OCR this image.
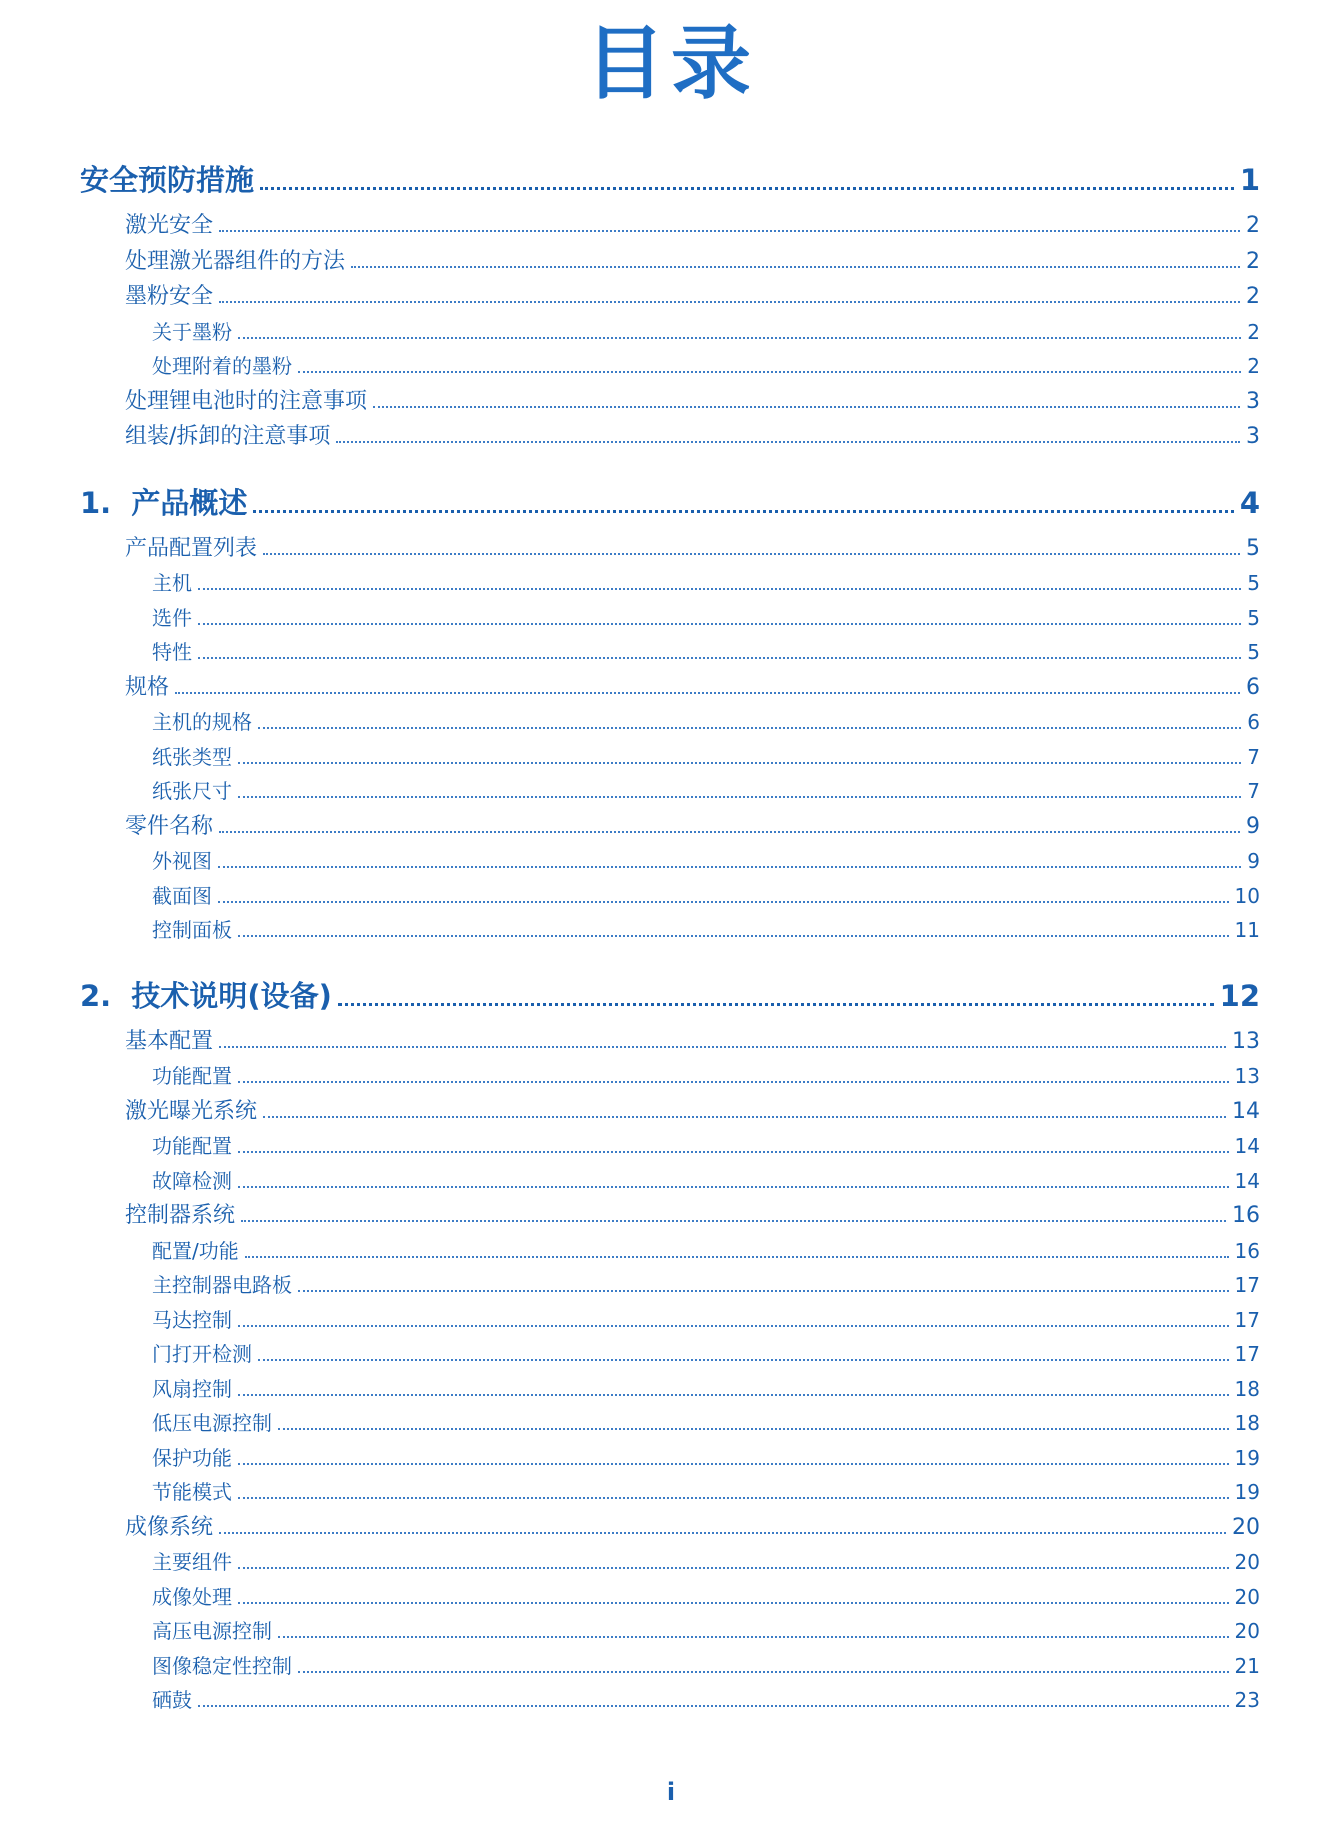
目录
安全预防措施	1
激光安全	2
处理激光器组件的方法	2
墨粉安全	2
关于墨粉	2
处理附着的墨粉	2
处理锂电池时的注意事项	3
组装/拆卸的注意事项	3
1.  产品概述	4
产品配置列表	5
主机	5
选件	5
特性	5
规格	6
主机的规格	6
纸张类型	7
纸张尺寸	7
零件名称	9
外视图	9
截面图	10
控制面板	11
2.  技术说明(设备)	12
基本配置	13
功能配置	13
激光曝光系统	14
功能配置	14
故障检测	14
控制器系统	16
配置/功能	16
主控制器电路板	17
马达控制	17
门打开检测	17
风扇控制	18
低压电源控制	18
保护功能	19
节能模式	19
成像系统	20
主要组件	20
成像处理	20
高压电源控制	20
图像稳定性控制	21
硒鼓	23
i
